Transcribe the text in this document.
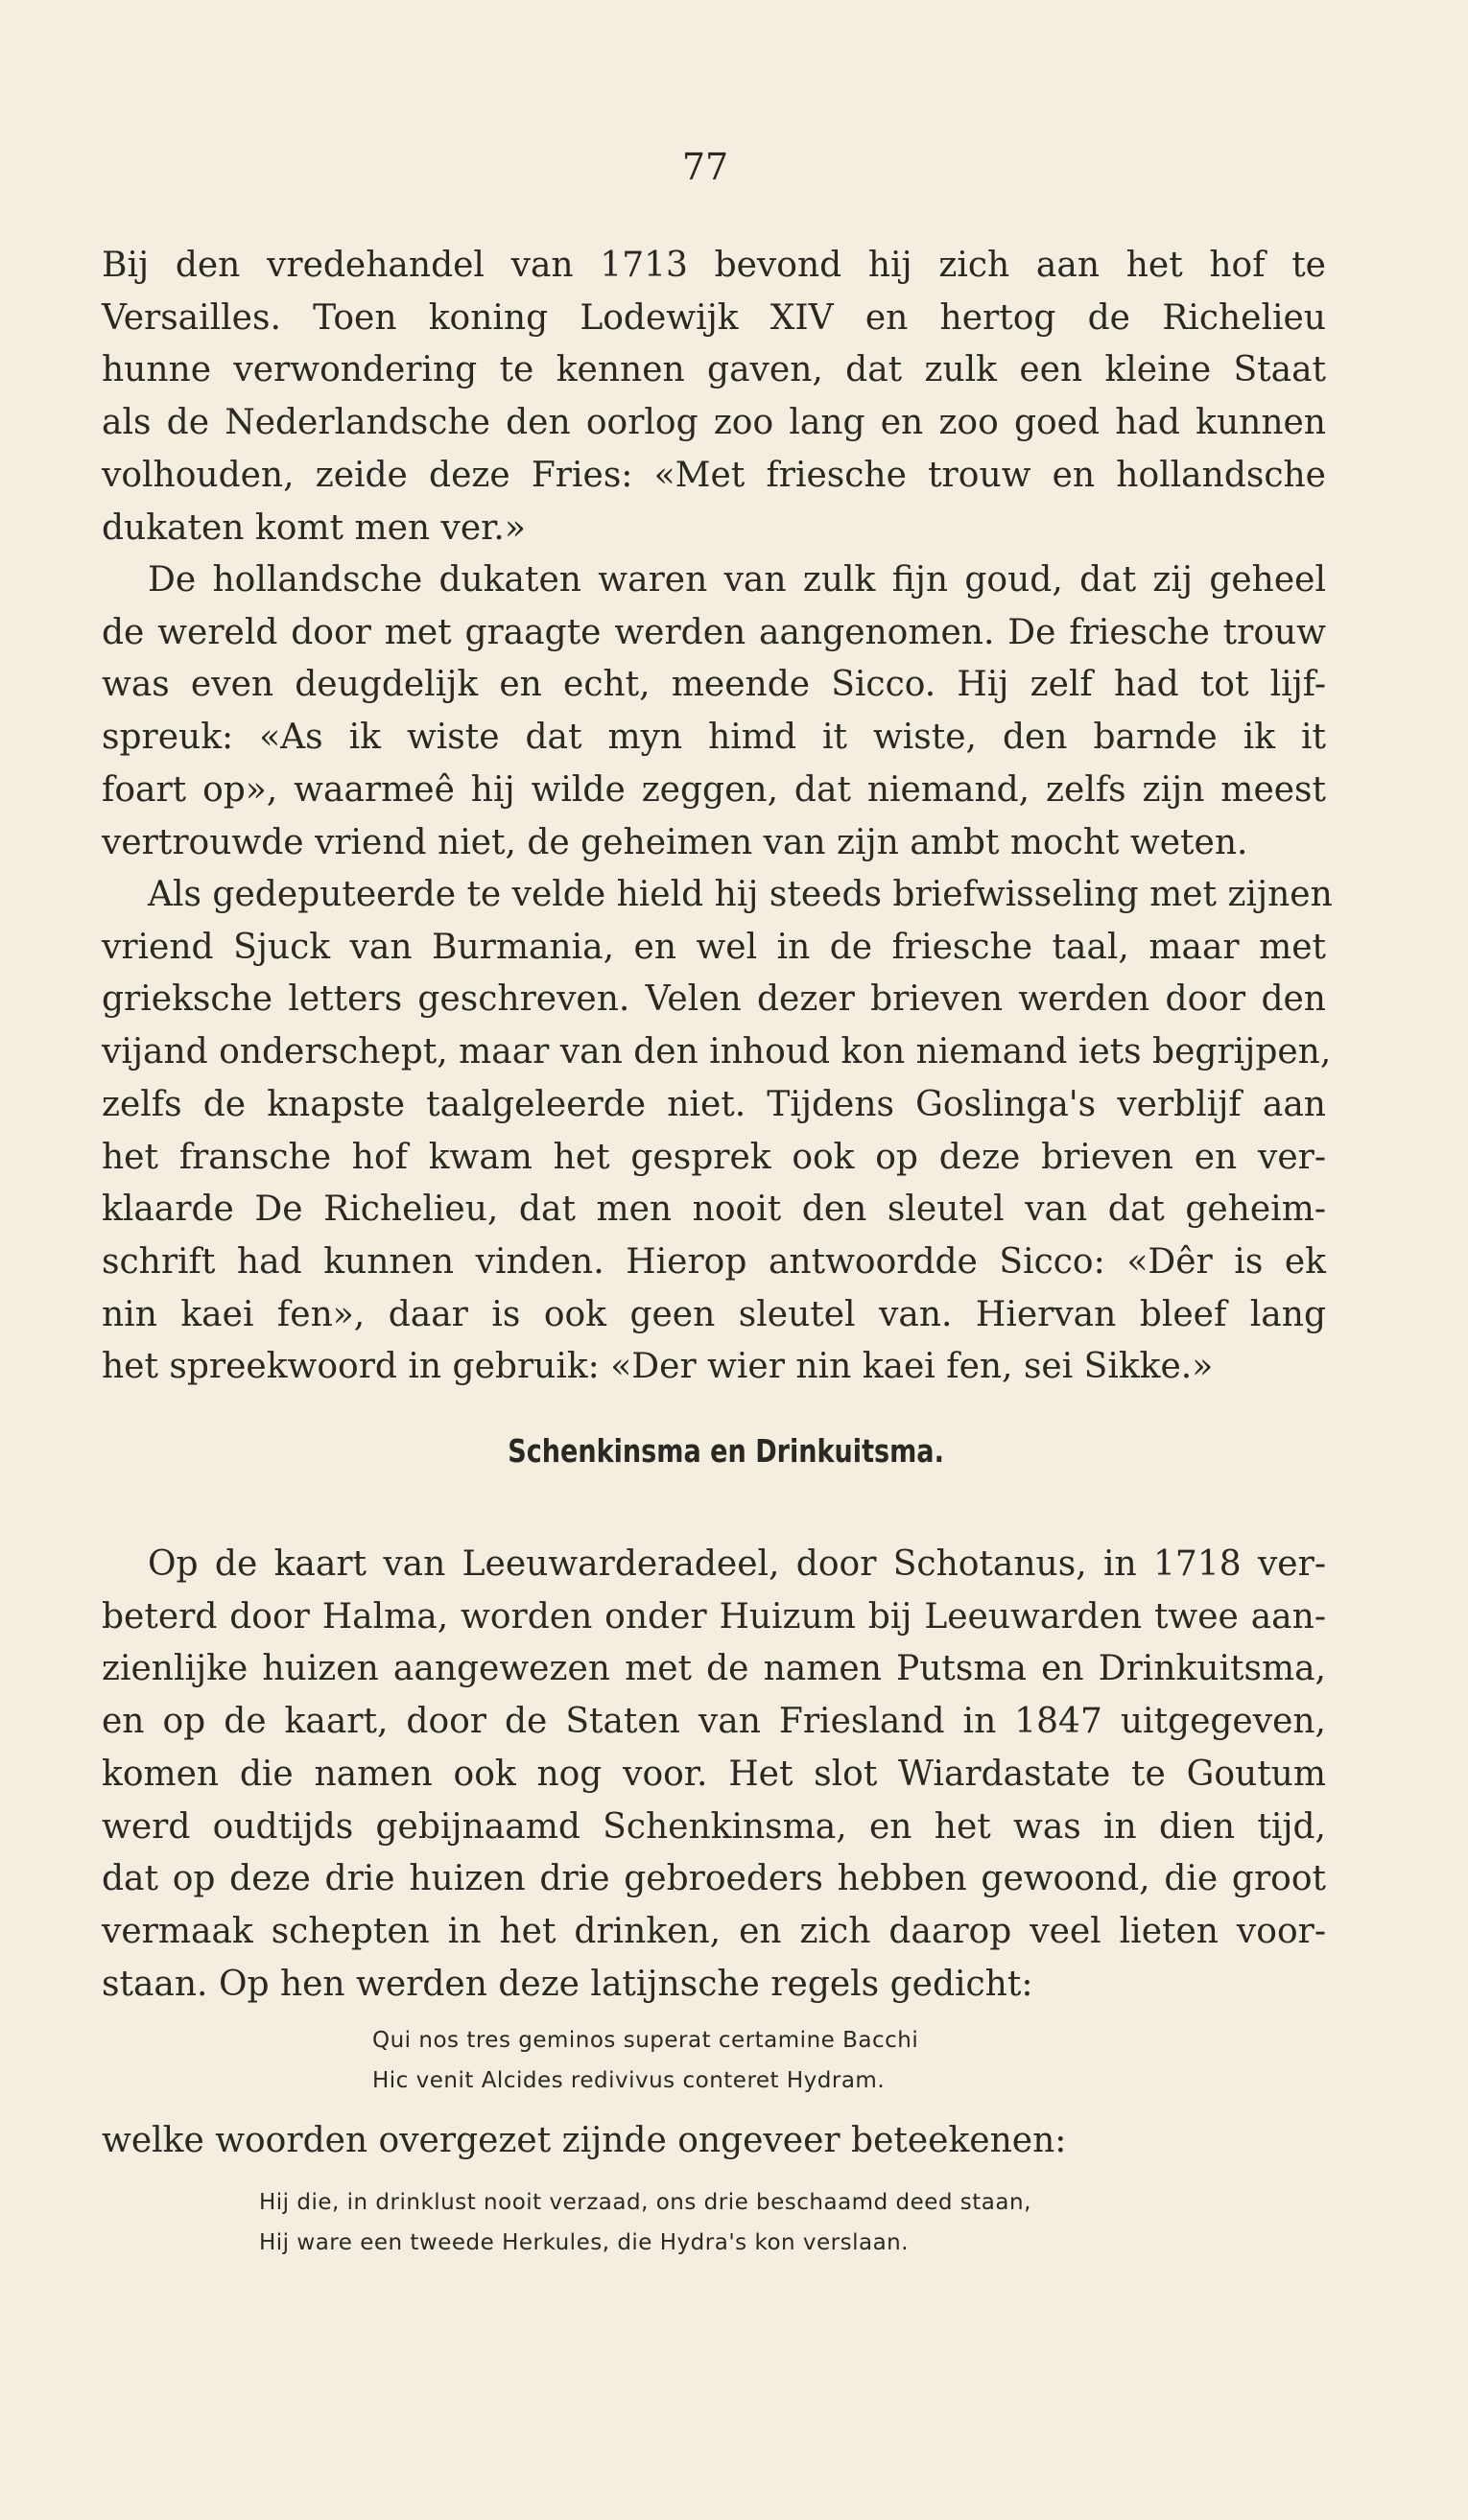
77
Bij den vredehandel van 1713 bevond hij zich aan het hof te
Versailles. Toen koning Lodewijk XIV en hertog de Richelieu
hunne verwondering te kennen gaven, dat zulk een kleine Staat
als de Nederlandsche den oorlog zoo lang en zoo goed had kunnen
volhouden, zeide deze Fries: «Met friesche trouw en hollandsche
dukaten komt men ver.»
De hollandsche dukaten waren van zulk fijn goud, dat zij geheel
de wereld door met graagte werden aangenomen. De friesche trouw
was even deugdelijk en echt, meende Sicco. Hij zelf had tot lijf-
spreuk: «As ik wiste dat myn himd it wiste, den barnde ik it
foart op», waarmeê hij wilde zeggen, dat niemand, zelfs zijn meest
vertrouwde vriend niet, de geheimen van zijn ambt mocht weten.
Als gedeputeerde te velde hield hij steeds briefwisseling met zijnen
vriend Sjuck van Burmania, en wel in de friesche taal, maar met
grieksche letters geschreven. Velen dezer brieven werden door den
vijand onderschept, maar van den inhoud kon niemand iets begrijpen,
zelfs de knapste taalgeleerde niet. Tijdens Goslinga's verblijf aan
het fransche hof kwam het gesprek ook op deze brieven en ver-
klaarde De Richelieu, dat men nooit den sleutel van dat geheim-
schrift had kunnen vinden. Hierop antwoordde Sicco: «Dêr is ek
nin kaei fen», daar is ook geen sleutel van. Hiervan bleef lang
het spreekwoord in gebruik: «Der wier nin kaei fen, sei Sikke.»
Schenkinsma en Drinkuitsma.
Op de kaart van Leeuwarderadeel, door Schotanus, in 1718 ver-
beterd door Halma, worden onder Huizum bij Leeuwarden twee aan-
zienlijke huizen aangewezen met de namen Putsma en Drinkuitsma,
en op de kaart, door de Staten van Friesland in 1847 uitgegeven,
komen die namen ook nog voor. Het slot Wiardastate te Goutum
werd oudtijds gebijnaamd Schenkinsma, en het was in dien tijd,
dat op deze drie huizen drie gebroeders hebben gewoond, die groot
vermaak schepten in het drinken, en zich daarop veel lieten voor-
staan. Op hen werden deze latijnsche regels gedicht:
Qui nos tres geminos superat certamine Bacchi
Hic venit Alcides redivivus conteret Hydram.
welke woorden overgezet zijnde ongeveer beteekenen:
Hij die, in drinklust nooit verzaad, ons drie beschaamd deed staan,
Hij ware een tweede Herkules, die Hydra's kon verslaan.
